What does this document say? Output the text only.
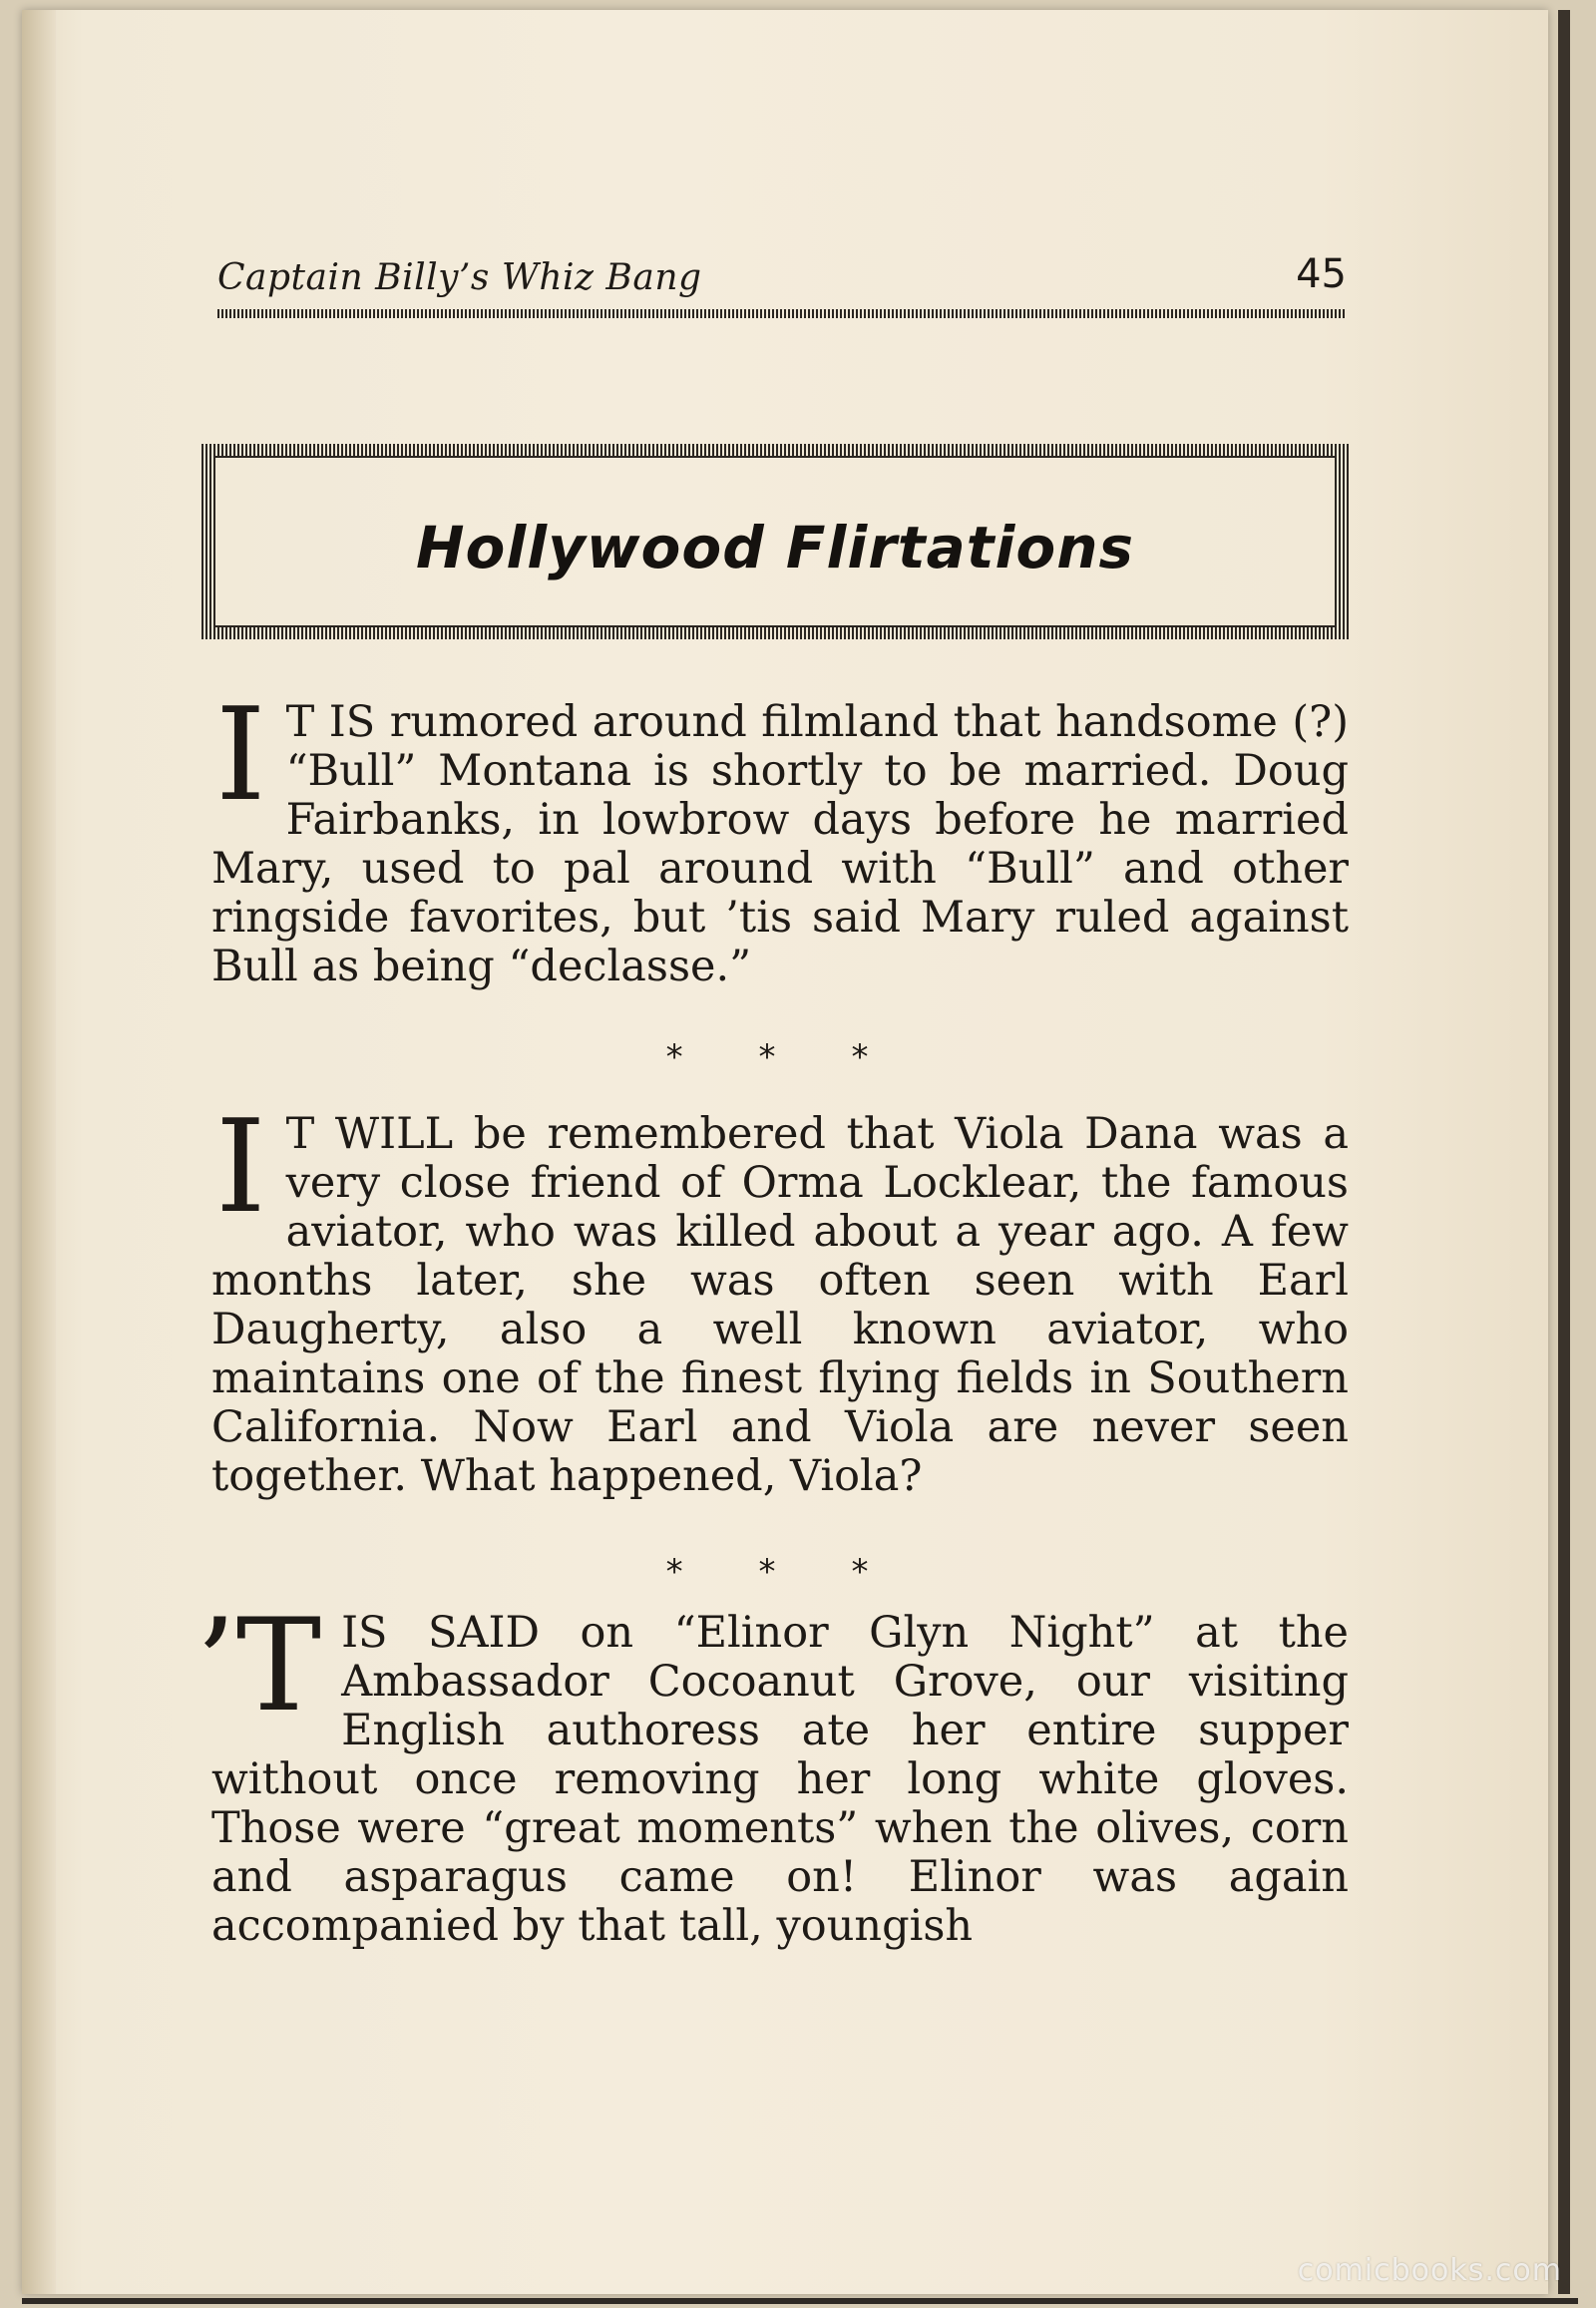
Captain Billy’s Whiz Bang	45
Hollywood Flirtations
I T IS rumored around filmland that handsome (?) “Bull” Montana is shortly to be married. Doug Fairbanks, in lowbrow days before he married Mary, used to pal around with “Bull” and other ringside favorites, but ’tis said Mary ruled against Bull as being “declasse.”
* * *
I T WILL be remembered that Viola Dana was a very close friend of Orma Locklear, the famous aviator, who was killed about a year ago. A few months later, she was often seen with Earl Daugherty, also a well known aviator, who maintains one of the finest flying fields in Southern California. Now Earl and Viola are never seen together. What happened, Viola?
* * *
’T IS SAID on “Elinor Glyn Night” at the Ambassador Cocoanut Grove, our visiting English authoress ate her entire supper without once removing her long white gloves. Those were “great moments” when the olives, corn and asparagus came on! Elinor was again accompanied by that tall, youngish
comicbooks.com
